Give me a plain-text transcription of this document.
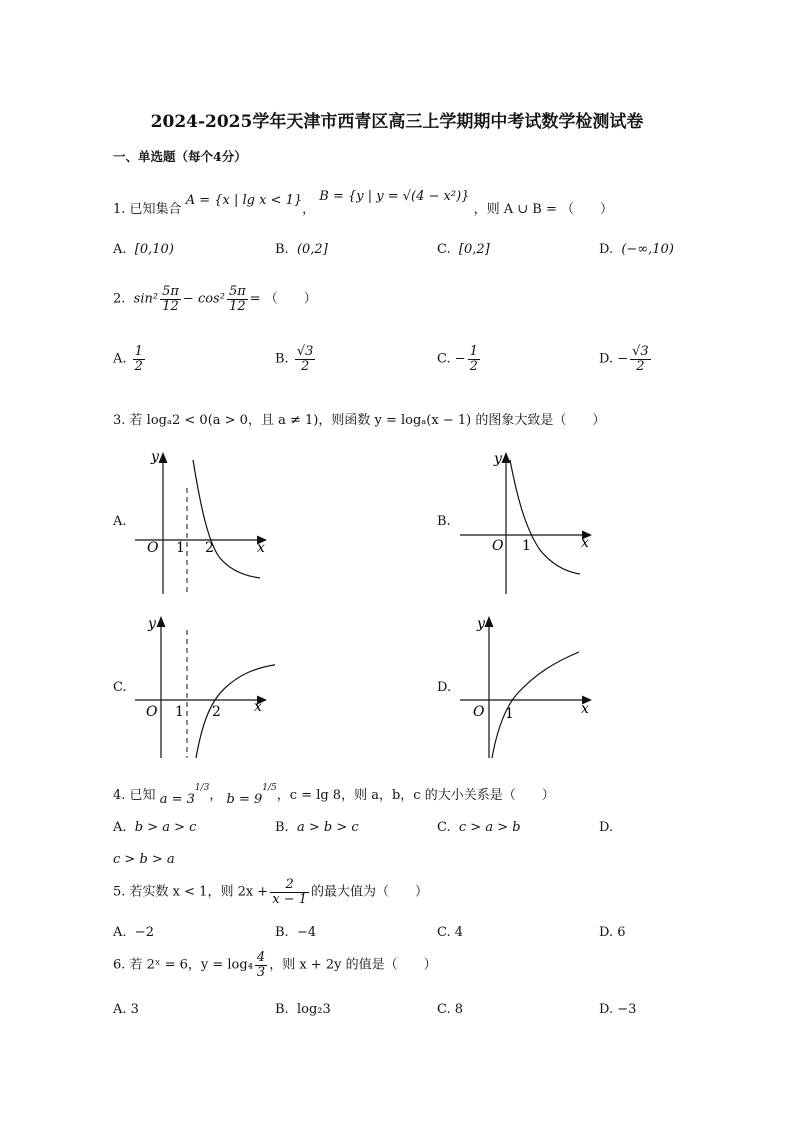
2024-2025学年天津市西青区高三上学期期中考试数学检测试卷
一、单选题（每个4分）
1. 已知集合 A = {x | lg x < 1}， B = {y | y = √(4 − x²)} ，则 A ∪ B = （　　）
A. [0,10)	B. (0,2]	C. [0,2]	D. (−∞,10)
2. $\sin^2 \frac{5\pi}{12} - \cos^2 \frac{5\pi}{12}$ = （　　）
A. $\frac{1}{2}$	B. $\frac{√3}{2}$	C. − $\frac{1}{2}$	D. − $\frac{√3}{2}$
3. 若 logₐ2 < 0(a > 0，且 a ≠ 1)，则函数 y = logₐ(x − 1) 的图象大致是（　　）
A.
y
x
O 1 2
B.
y
x
O 1
C.
y
x
O 1 2
D.
y
x
O 1
4. 已知 $a = 3^{1/3}$， $b = 9^{1/5}$，c = lg 8，则 a，b，c 的大小关系是（　　）
A. b > a > c	B. a > b > c	C. c > a > b	D.
c > b > a
5. 若实数 x < 1，则 $2x + \frac{2}{x - 1}$ 的最大值为（　　）
A. −2	B. −4	C. 4	D. 6
6. 若 2ˣ = 6，$y = \log_4 \frac{4}{3}$ ，则 x + 2y 的值是（　　）
A. 3	B. log₂3	C. 8	D. −3
